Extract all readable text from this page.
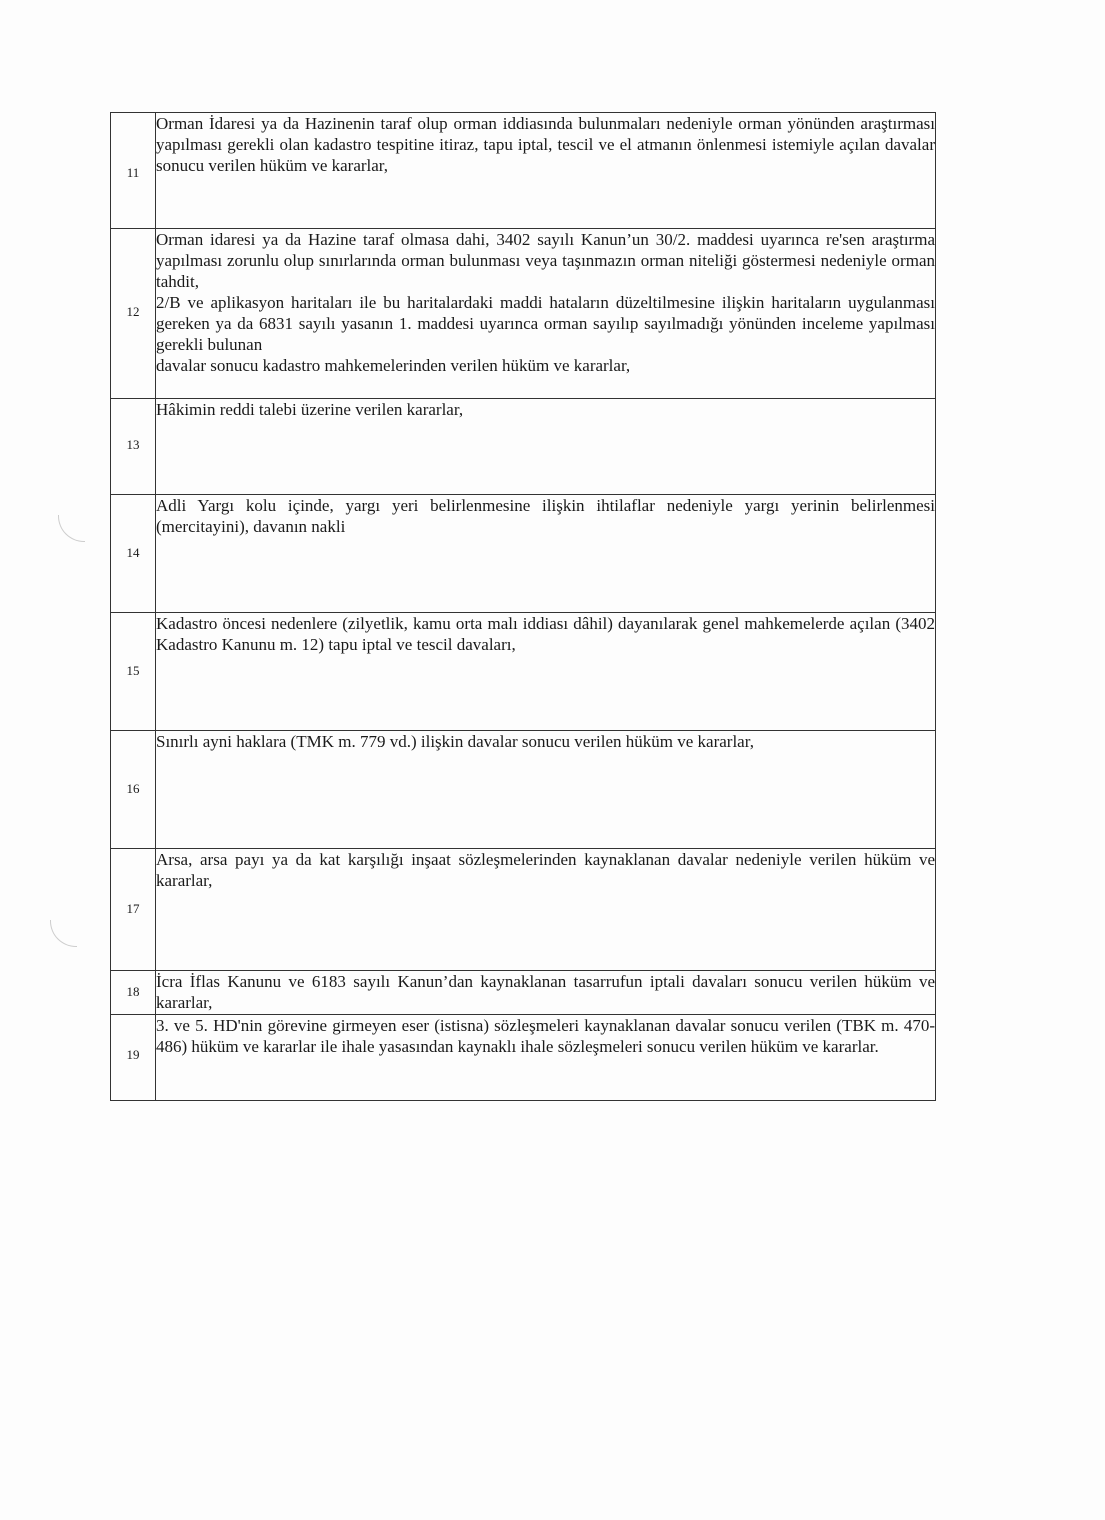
11	Orman İdaresi ya da Hazinenin taraf olup orman iddiasında bulunmaları nedeniyle orman yönünden araştırması yapılması gerekli olan kadastro tespitine itiraz, tapu iptal, tescil ve el atmanın önlenmesi istemiyle açılan davalar sonucu verilen hüküm ve kararlar,

12	Orman idaresi ya da Hazine taraf olmasa dahi, 3402 sayılı Kanun’un 30/2. maddesi uyarınca re'sen araştırma yapılması zorunlu olup sınırlarında orman bulunması veya taşınmazın orman niteliği göstermesi nedeniyle orman tahdit,
2/B ve aplikasyon haritaları ile bu haritalardaki maddi hataların düzeltilmesine ilişkin haritaların uygulanması gereken ya da 6831 sayılı yasanın 1. maddesi uyarınca orman sayılıp sayılmadığı yönünden inceleme yapılması gerekli bulunan
davalar sonucu kadastro mahkemelerinden verilen hüküm ve kararlar,

13	Hâkimin reddi talebi üzerine verilen kararlar,

14	Adli Yargı kolu içinde, yargı yeri belirlenmesine ilişkin ihtilaflar nedeniyle yargı yerinin belirlenmesi (mercitayini), davanın nakli

15	Kadastro öncesi nedenlere (zilyetlik, kamu orta malı iddiası dâhil) dayanılarak genel mahkemelerde açılan (3402 Kadastro Kanunu m. 12) tapu iptal ve tescil davaları,

16	Sınırlı ayni haklara (TMK m. 779 vd.) ilişkin davalar sonucu verilen hüküm ve kararlar,

17	Arsa, arsa payı ya da kat karşılığı inşaat sözleşmelerinden kaynaklanan davalar nedeniyle verilen hüküm ve kararlar,

18	İcra İflas Kanunu ve 6183 sayılı Kanun’dan kaynaklanan tasarrufun iptali davaları sonucu verilen hüküm ve kararlar,

19	3. ve 5. HD'nin görevine girmeyen eser (istisna) sözleşmeleri kaynaklanan davalar sonucu verilen (TBK m. 470-486) hüküm ve kararlar ile ihale yasasından kaynaklı ihale sözleşmeleri sonucu verilen hüküm ve kararlar.
